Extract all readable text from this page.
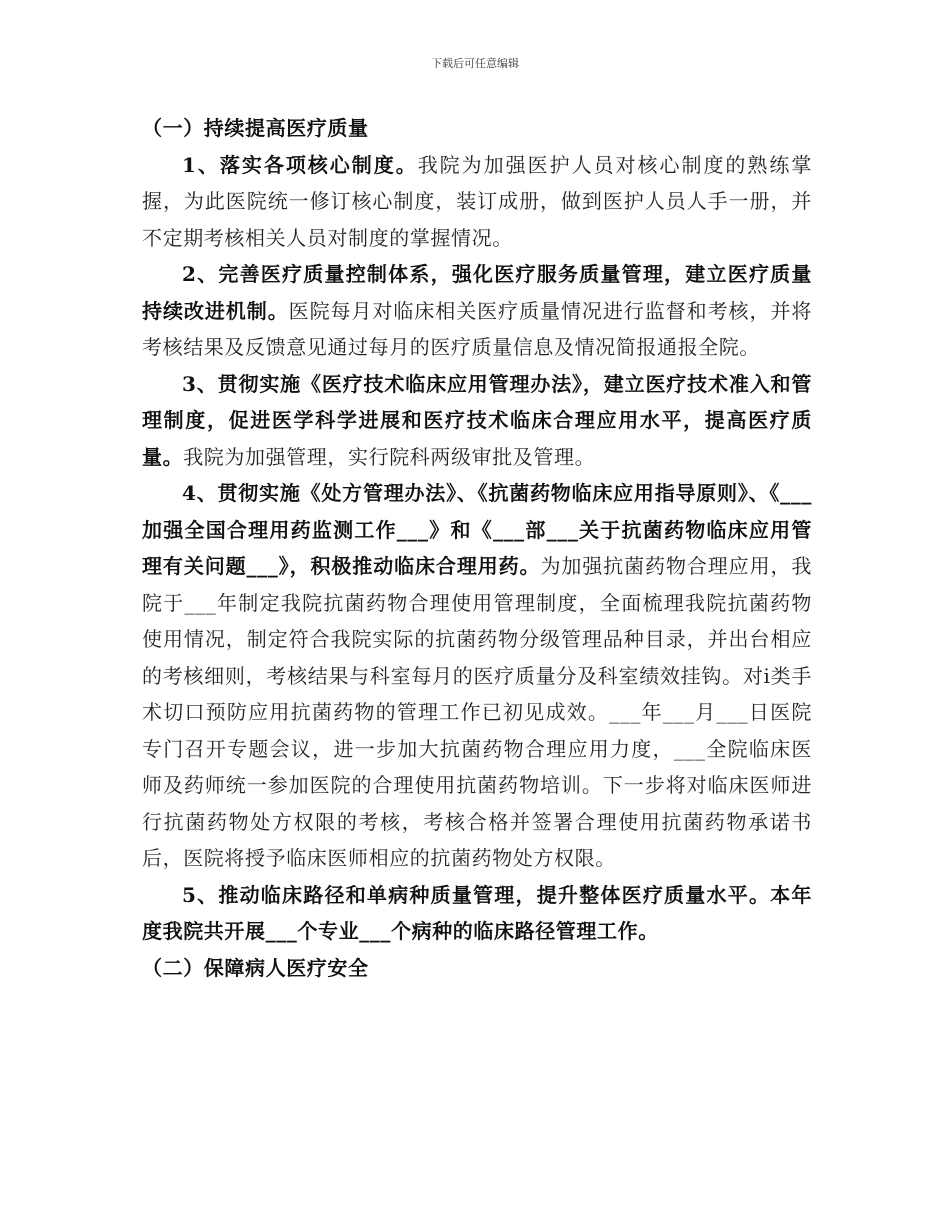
下载后可任意编辑

（一）持续提高医疗质量

1、落实各项核心制度。我院为加强医护人员对核心制度的熟练掌握，为此医院统一修订核心制度，装订成册，做到医护人员人手一册，并不定期考核相关人员对制度的掌握情况。

2、完善医疗质量控制体系，强化医疗服务质量管理，建立医疗质量持续改进机制。医院每月对临床相关医疗质量情况进行监督和考核，并将考核结果及反馈意见通过每月的医疗质量信息及情况简报通报全院。

3、贯彻实施《医疗技术临床应用管理办法》，建立医疗技术准入和管理制度，促进医学科学进展和医疗技术临床合理应用水平，提高医疗质量。我院为加强管理，实行院科两级审批及管理。

4、贯彻实施《处方管理办法》、《抗菌药物临床应用指导原则》、《___加强全国合理用药监测工作___》和《___部___关于抗菌药物临床应用管理有关问题___》，积极推动临床合理用药。为加强抗菌药物合理应用，我院于___年制定我院抗菌药物合理使用管理制度，全面梳理我院抗菌药物使用情况，制定符合我院实际的抗菌药物分级管理品种目录，并出台相应的考核细则，考核结果与科室每月的医疗质量分及科室绩效挂钩。对i类手术切口预防应用抗菌药物的管理工作已初见成效。___年___月___日医院专门召开专题会议，进一步加大抗菌药物合理应用力度，___全院临床医师及药师统一参加医院的合理使用抗菌药物培训。下一步将对临床医师进行抗菌药物处方权限的考核，考核合格并签署合理使用抗菌药物承诺书后，医院将授予临床医师相应的抗菌药物处方权限。

5、推动临床路径和单病种质量管理，提升整体医疗质量水平。本年度我院共开展___个专业___个病种的临床路径管理工作。

（二）保障病人医疗安全
